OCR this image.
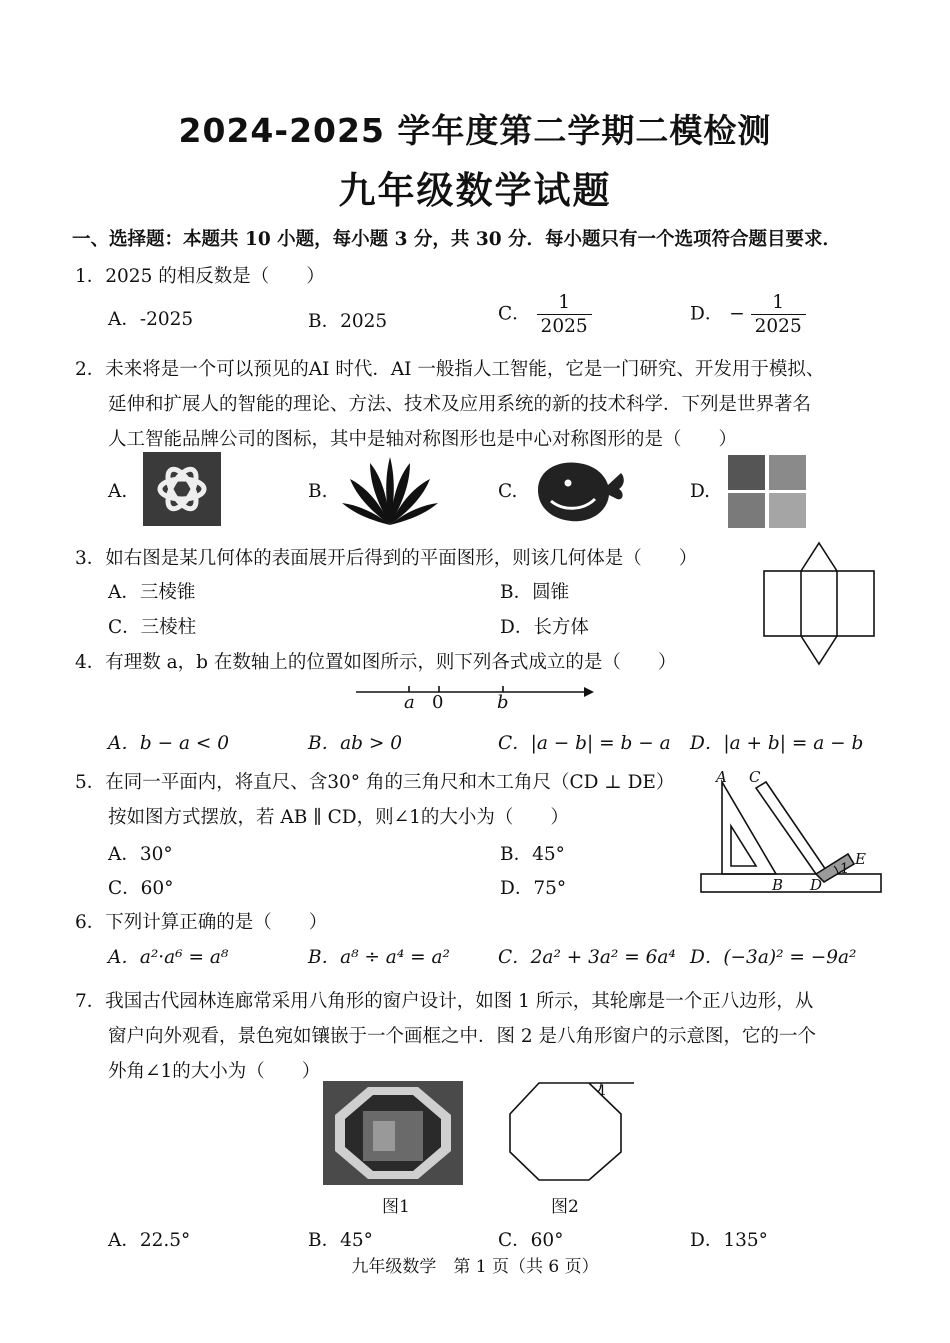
2024-2025 学年度第二学期二模检测
九年级数学试题
一、选择题：本题共 10 小题，每小题 3 分，共 30 分．每小题只有一个选项符合题目要求．
1．2025 的相反数是（　　）
A．-2025	B．2025	C． $\frac{1}{2025}$	D． − $\frac{1}{2025}$
2．未来将是一个可以预见的AI 时代．AI 一般指人工智能，它是一门研究、开发用于模拟、
延伸和扩展人的智能的理论、方法、技术及应用系统的新的技术科学．下列是世界著名
人工智能品牌公司的图标，其中是轴对称图形也是中心对称图形的是（　　）
A.	B.	C.	D.
3．如右图是某几何体的表面展开后得到的平面图形，则该几何体是（　　）
A．三棱锥	B．圆锥
C．三棱柱	D．长方体
4．有理数 a，b 在数轴上的位置如图所示，则下列各式成立的是（　　）
a 0	b
A．b − a < 0	B．ab > 0	C．|a − b| = b − a D．|a + b| = a − b
5．在同一平面内，将直尺、含30° 角的三角尺和木工角尺（CD ⊥ DE）
按如图方式摆放，若 AB ∥ CD，则∠1的大小为（　　）
A．30°	B．45°
C．60°	D．75°
A C
E
B D
1
6．下列计算正确的是（　　）
A．a²·a⁶ = a⁸	B．a⁸ ÷ a⁴ = a²	C．2a² + 3a² = 6a⁴ D．(−3a)² = −9a²
7．我国古代园林连廊常采用八角形的窗户设计，如图 1 所示，其轮廓是一个正八边形，从
窗户向外观看，景色宛如镶嵌于一个画框之中．图 2 是八角形窗户的示意图，它的一个
外角∠1的大小为（　　）
1
图1	图2
A．22.5°	B．45°	C．60°	D．135°
九年级数学　第 1 页（共 6 页）
